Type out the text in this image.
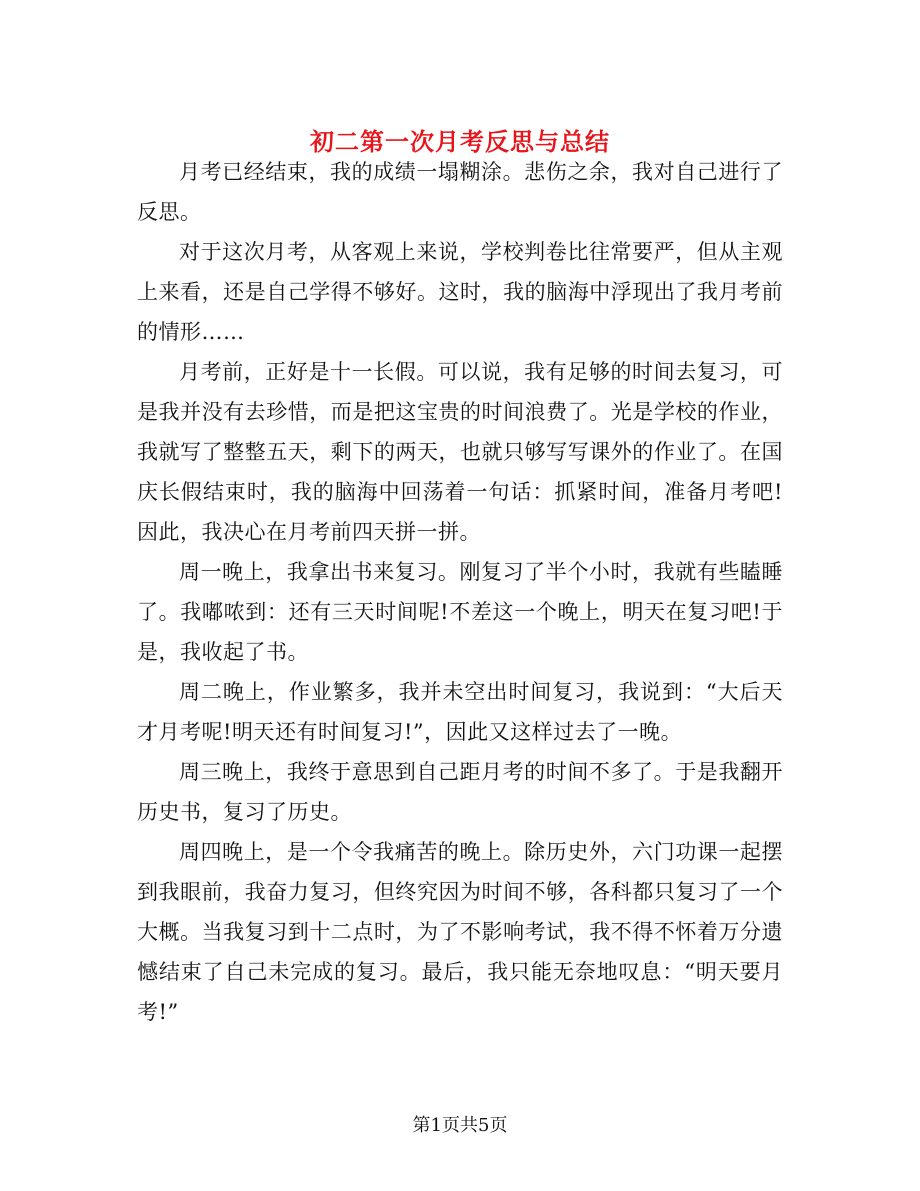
初二第一次月考反思与总结

月考已经结束，我的成绩一塌糊涂。悲伤之余，我对自己进行了反思。

对于这次月考，从客观上来说，学校判卷比往常要严，但从主观上来看，还是自己学得不够好。这时，我的脑海中浮现出了我月考前的情形……

月考前，正好是十一长假。可以说，我有足够的时间去复习，可是我并没有去珍惜，而是把这宝贵的时间浪费了。光是学校的作业，我就写了整整五天，剩下的两天，也就只够写写课外的作业了。在国庆长假结束时，我的脑海中回荡着一句话：抓紧时间，准备月考吧!因此，我决心在月考前四天拼一拼。

周一晚上，我拿出书来复习。刚复习了半个小时，我就有些瞌睡了。我嘟哝到：还有三天时间呢!不差这一个晚上，明天在复习吧!于是，我收起了书。

周二晚上，作业繁多，我并未空出时间复习，我说到：“大后天才月考呢!明天还有时间复习!”，因此又这样过去了一晚。

周三晚上，我终于意思到自己距月考的时间不多了。于是我翻开历史书，复习了历史。

周四晚上，是一个令我痛苦的晚上。除历史外，六门功课一起摆到我眼前，我奋力复习，但终究因为时间不够，各科都只复习了一个大概。当我复习到十二点时，为了不影响考试，我不得不怀着万分遗憾结束了自己未完成的复习。最后，我只能无奈地叹息：“明天要月考!”

第1页共5页
